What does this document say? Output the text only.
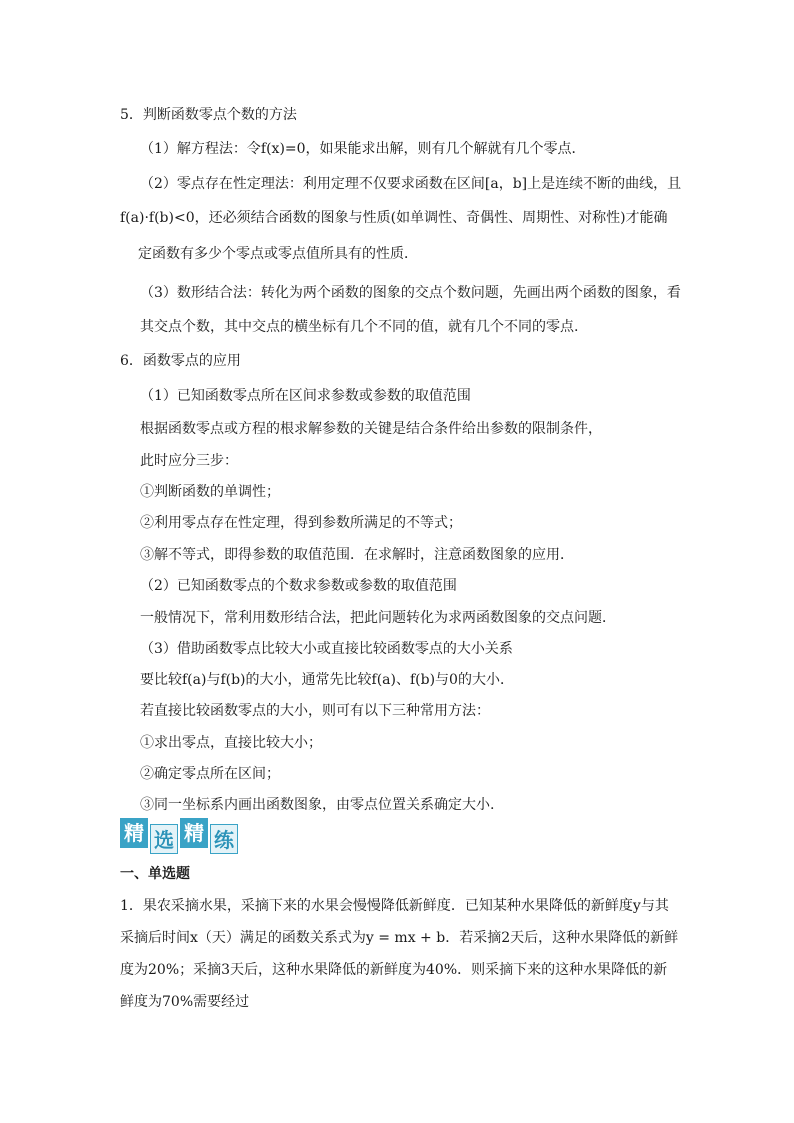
5．判断函数零点个数的方法
（1）解方程法：令f(x)=0，如果能求出解，则有几个解就有几个零点．
（2）零点存在性定理法：利用定理不仅要求函数在区间[a，b]上是连续不断的曲线，且
f(a)·f(b)<0，还必须结合函数的图象与性质(如单调性、奇偶性、周期性、对称性)才能确
定函数有多少个零点或零点值所具有的性质．
（3）数形结合法：转化为两个函数的图象的交点个数问题，先画出两个函数的图象，看
其交点个数，其中交点的横坐标有几个不同的值，就有几个不同的零点.
6．函数零点的应用
（1）已知函数零点所在区间求参数或参数的取值范围
根据函数零点或方程的根求解参数的关键是结合条件给出参数的限制条件，
此时应分三步：
①判断函数的单调性；
②利用零点存在性定理，得到参数所满足的不等式；
③解不等式，即得参数的取值范围．在求解时，注意函数图象的应用．
（2）已知函数零点的个数求参数或参数的取值范围
一般情况下，常利用数形结合法，把此问题转化为求两函数图象的交点问题．
（3）借助函数零点比较大小或直接比较函数零点的大小关系
要比较f(a)与f(b)的大小，通常先比较f(a)、f(b)与0的大小．
若直接比较函数零点的大小，则可有以下三种常用方法：
①求出零点，直接比较大小；
②确定零点所在区间；
③同一坐标系内画出函数图象，由零点位置关系确定大小.
精 选 精 练
一、单选题
1．果农采摘水果，采摘下来的水果会慢慢降低新鲜度．已知某种水果降低的新鲜度y与其
采摘后时间x（天）满足的函数关系式为y = mx + b．若采摘2天后，这种水果降低的新鲜
度为20%；采摘3天后，这种水果降低的新鲜度为40%．则采摘下来的这种水果降低的新
鲜度为70%需要经过
